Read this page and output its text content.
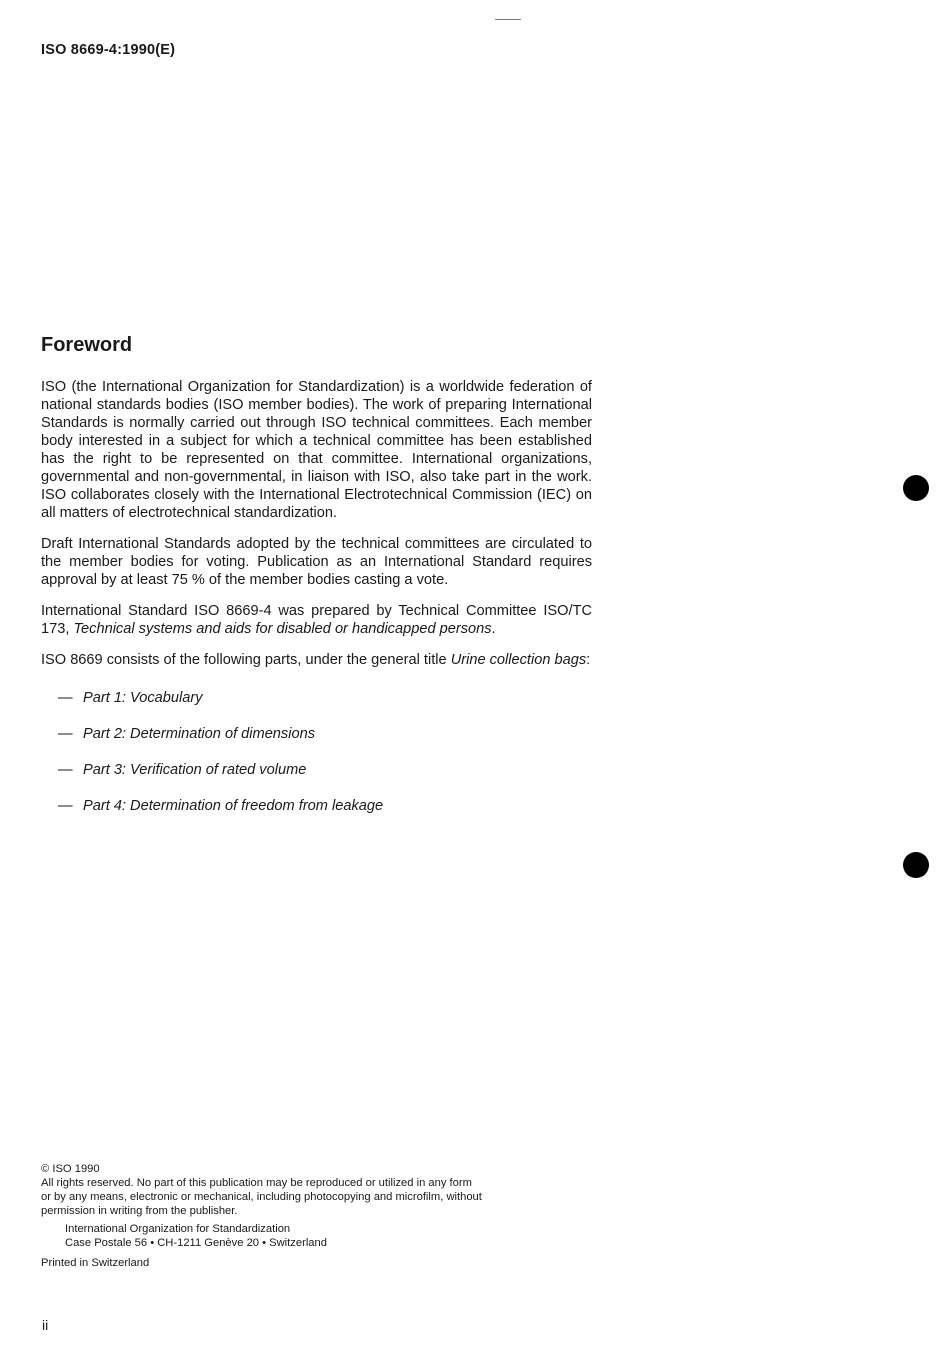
ISO 8669-4:1990(E)
Foreword

ISO (the International Organization for Standardization) is a worldwide federation of national standards bodies (ISO member bodies). The work of preparing International Standards is normally carried out through ISO technical committees. Each member body interested in a subject for which a technical committee has been established has the right to be represented on that committee. International organizations, governmental and non-governmental, in liaison with ISO, also take part in the work. ISO collaborates closely with the International Electrotechnical Commission (IEC) on all matters of electrotechnical standardization.

Draft International Standards adopted by the technical committees are circulated to the member bodies for voting. Publication as an International Standard requires approval by at least 75 % of the member bodies casting a vote.

International Standard ISO 8669-4 was prepared by Technical Committee ISO/TC 173, Technical systems and aids for disabled or handicapped persons.

ISO 8669 consists of the following parts, under the general title Urine collection bags:

— Part 1: Vocabulary
— Part 2: Determination of dimensions
— Part 3: Verification of rated volume
— Part 4: Determination of freedom from leakage
© ISO 1990
All rights reserved. No part of this publication may be reproduced or utilized in any form
or by any means, electronic or mechanical, including photocopying and microfilm, without
permission in writing from the publisher.
International Organization for Standardization
Case Postale 56 • CH-1211 Genève 20 • Switzerland
Printed in Switzerland
ii
